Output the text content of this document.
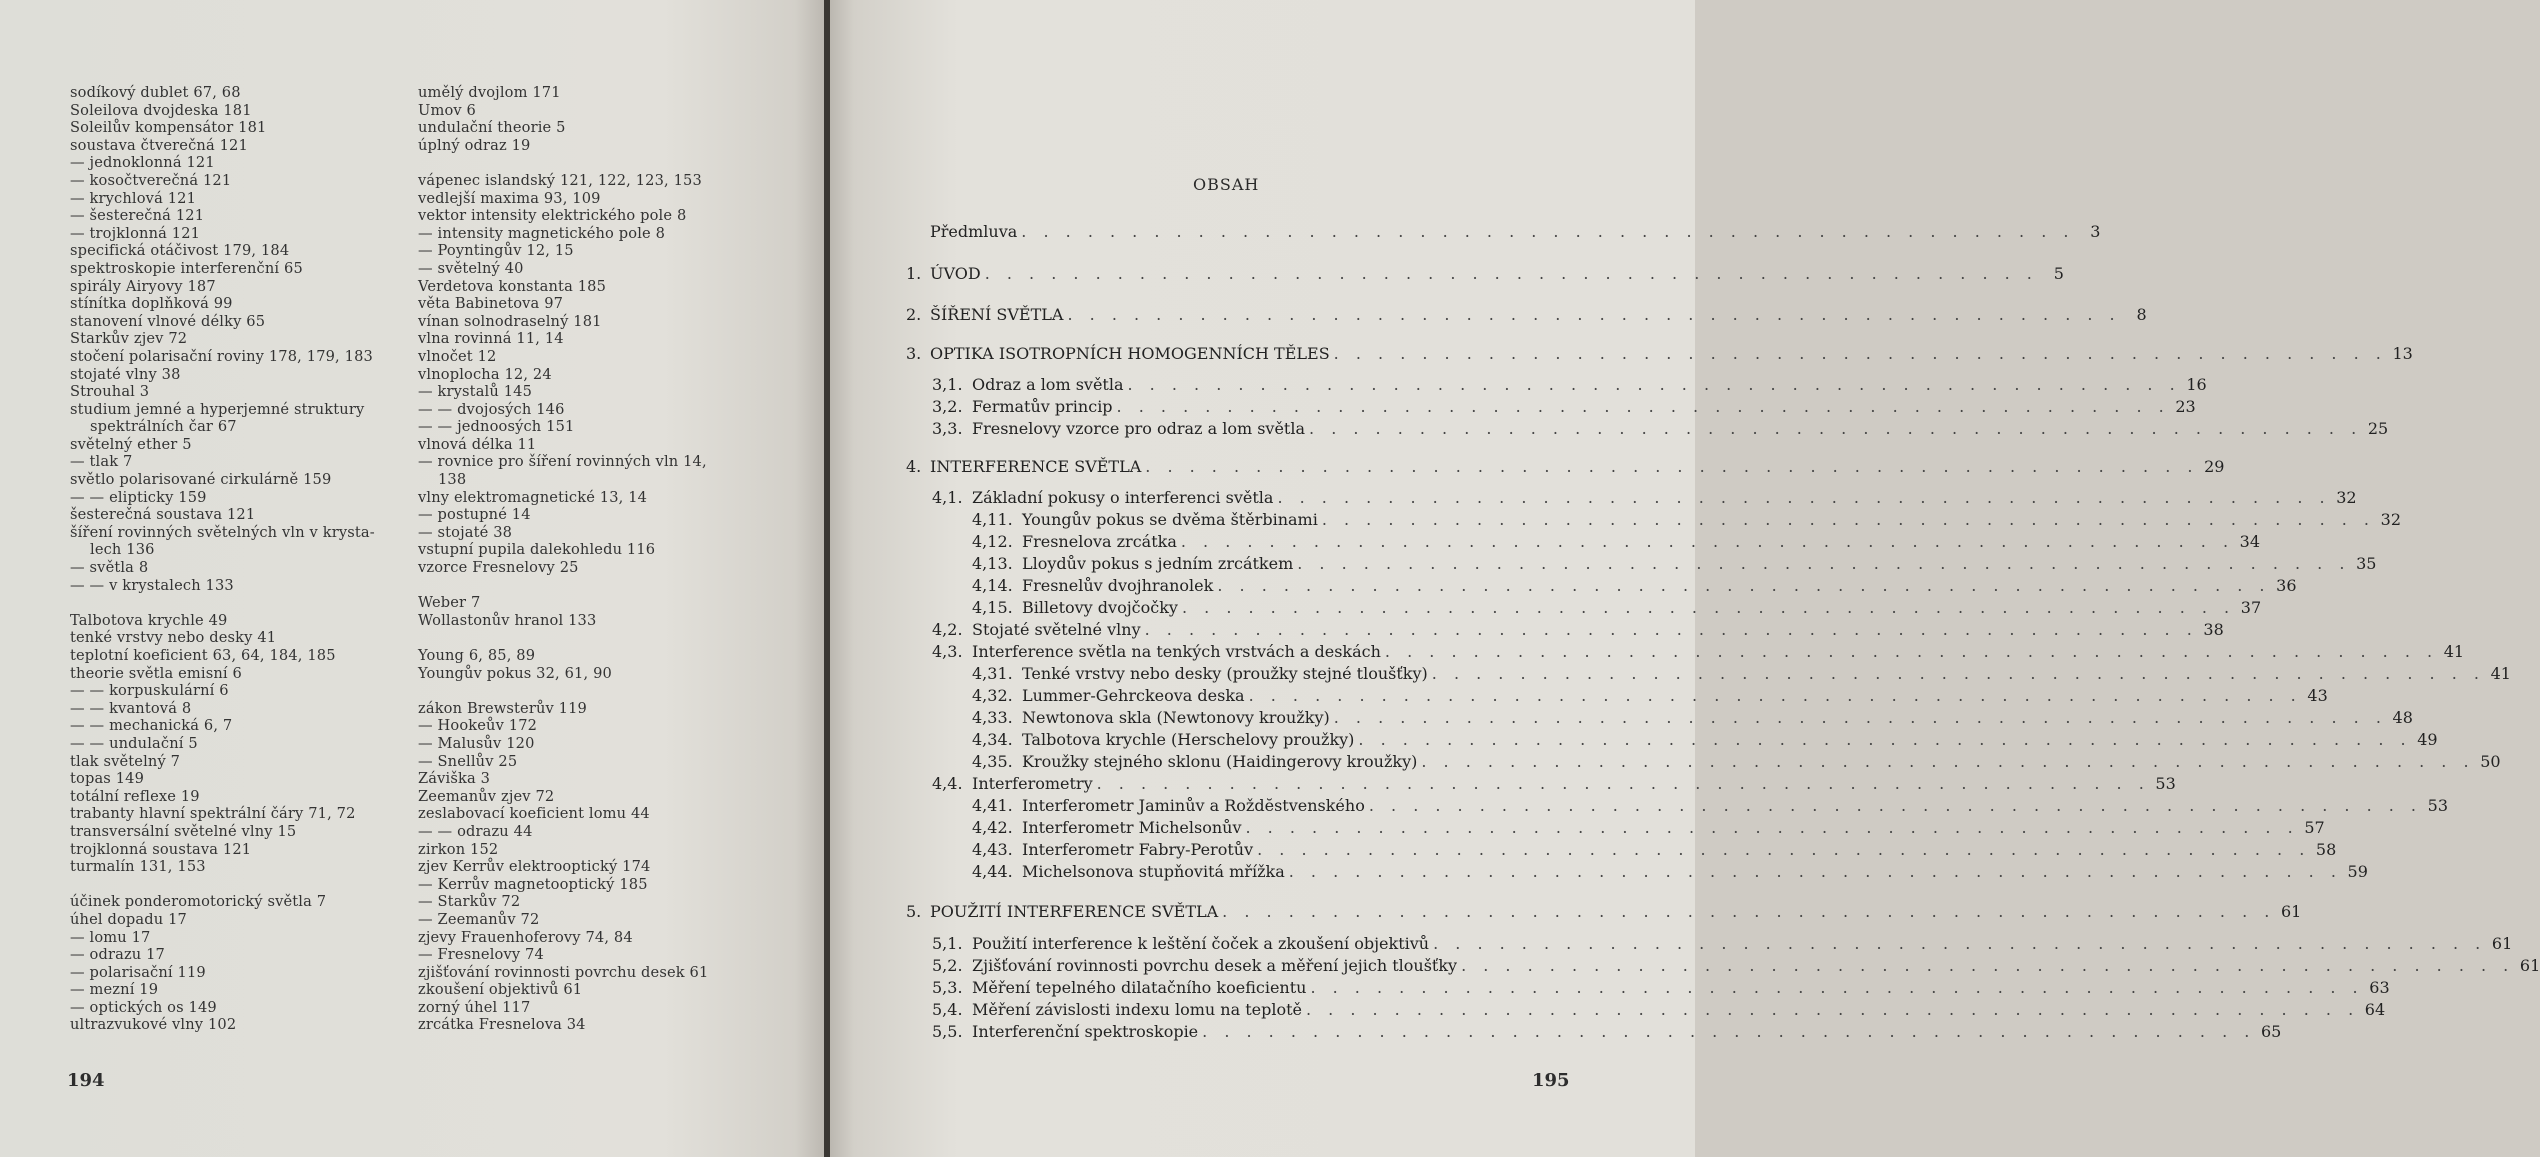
sodíkový dublet 67, 68
Soleilova dvojdeska 181
Soleilův kompensátor 181
soustava čtverečná 121
— jednoklonná 121
— kosočtverečná 121
— krychlová 121
— šesterečná 121
— trojklonná 121
specifická otáčivost 179, 184
spektroskopie interferenční 65
spirály Airyovy 187
stínítka doplňková 99
stanovení vlnové délky 65
Starkův zjev 72
stočení polarisační roviny 178, 179, 183
stojaté vlny 38
Strouhal 3
studium jemné a hyperjemné struktury
spektrálních čar 67
světelný ether 5
— tlak 7
světlo polarisované cirkulárně 159
— — elipticky 159
šesterečná soustava 121
šíření rovinných světelných vln v krysta-
lech 136
— světla 8
— — v krystalech 133
Talbotova krychle 49
tenké vrstvy nebo desky 41
teplotní koeficient 63, 64, 184, 185
theorie světla emisní 6
— — korpuskulární 6
— — kvantová 8
— — mechanická 6, 7
— — undulační 5
tlak světelný 7
topas 149
totální reflexe 19
trabanty hlavní spektrální čáry 71, 72
transversální světelné vlny 15
trojklonná soustava 121
turmalín 131, 153
účinek ponderomotorický světla 7
úhel dopadu 17
— lomu 17
— odrazu 17
— polarisační 119
— mezní 19
— optických os 149
ultrazvukové vlny 102
umělý dvojlom 171
Umov 6
undulační theorie 5
úplný odraz 19
vápenec islandský 121, 122, 123, 153
vedlejší maxima 93, 109
vektor intensity elektrického pole 8
— intensity magnetického pole 8
— Poyntingův 12, 15
— světelný 40
Verdetova konstanta 185
věta Babinetova 97
vínan solnodraselný 181
vlna rovinná 11, 14
vlnočet 12
vlnoplocha 12, 24
— krystalů 145
— — dvojosých 146
— — jednoosých 151
vlnová délka 11
— rovnice pro šíření rovinných vln 14,
138
vlny elektromagnetické 13, 14
— postupné 14
— stojaté 38
vstupní pupila dalekohledu 116
vzorce Fresnelovy 25
Weber 7
Wollastonův hranol 133
Young 6, 85, 89
Youngův pokus 32, 61, 90
zákon Brewsterův 119
— Hookeův 172
— Malusův 120
— Snellův 25
Záviška 3
Zeemanův zjev 72
zeslabovací koeficient lomu 44
— — odrazu 44
zirkon 152
zjev Kerrův elektrooptický 174
— Kerrův magnetooptický 185
— Starkův 72
— Zeemanův 72
zjevy Frauenhoferovy 74, 84
— Fresnelovy 74
zjišťování rovinnosti povrchu desek 61
zkoušení objektivů 61
zorný úhel 117
zrcátka Fresnelova 34
194
OBSAH
Předmluva . . . . . . . . . . . . . . . . . . . . . . . . . . . . . . . . . . . . . . . . . . . . . . . . 3
1. ÚVOD . . . . . . . . . . . . . . . . . . . . . . . . . . . . . . . . . . . . . . . . . . . . . . . . 5
2. ŠÍŘENÍ SVĚTLA . . . . . . . . . . . . . . . . . . . . . . . . . . . . . . . . . . . . . . . . . . . . . . . . 8
3. OPTIKA ISOTROPNÍCH HOMOGENNÍCH TĚLES . . . . . . . . . . . . . . . . . . . . . . . . . . . . . . . . . . . . . . . . . . . . . . . . 13
3,1. Odraz a lom světla . . . . . . . . . . . . . . . . . . . . . . . . . . . . . . . . . . . . . . . . . . . . . . . . 16
3,2. Fermatův princip . . . . . . . . . . . . . . . . . . . . . . . . . . . . . . . . . . . . . . . . . . . . . . . . 23
3,3. Fresnelovy vzorce pro odraz a lom světla . . . . . . . . . . . . . . . . . . . . . . . . . . . . . . . . . . . . . . . . . . . . . . . . 25
4. INTERFERENCE SVĚTLA . . . . . . . . . . . . . . . . . . . . . . . . . . . . . . . . . . . . . . . . . . . . . . . . 29
4,1. Základní pokusy o interferenci světla . . . . . . . . . . . . . . . . . . . . . . . . . . . . . . . . . . . . . . . . . . . . . . . . 32
4,11. Youngův pokus se dvěma štěrbinami . . . . . . . . . . . . . . . . . . . . . . . . . . . . . . . . . . . . . . . . . . . . . . . . 32
4,12. Fresnelova zrcátka . . . . . . . . . . . . . . . . . . . . . . . . . . . . . . . . . . . . . . . . . . . . . . . . 34
4,13. Lloydův pokus s jedním zrcátkem . . . . . . . . . . . . . . . . . . . . . . . . . . . . . . . . . . . . . . . . . . . . . . . . 35
4,14. Fresnelův dvojhranolek . . . . . . . . . . . . . . . . . . . . . . . . . . . . . . . . . . . . . . . . . . . . . . . . 36
4,15. Billetovy dvojčočky . . . . . . . . . . . . . . . . . . . . . . . . . . . . . . . . . . . . . . . . . . . . . . . . 37
4,2. Stojaté světelné vlny . . . . . . . . . . . . . . . . . . . . . . . . . . . . . . . . . . . . . . . . . . . . . . . . 38
4,3. Interference světla na tenkých vrstvách a deskách . . . . . . . . . . . . . . . . . . . . . . . . . . . . . . . . . . . . . . . . . . . . . . . . 41
4,31. Tenké vrstvy nebo desky (proužky stejné tloušťky) . . . . . . . . . . . . . . . . . . . . . . . . . . . . . . . . . . . . . . . . . . . . . . . . 41
4,32. Lummer-Gehrckeova deska . . . . . . . . . . . . . . . . . . . . . . . . . . . . . . . . . . . . . . . . . . . . . . . . 43
4,33. Newtonova skla (Newtonovy kroužky) . . . . . . . . . . . . . . . . . . . . . . . . . . . . . . . . . . . . . . . . . . . . . . . . 48
4,34. Talbotova krychle (Herschelovy proužky) . . . . . . . . . . . . . . . . . . . . . . . . . . . . . . . . . . . . . . . . . . . . . . . . 49
4,35. Kroužky stejného sklonu (Haidingerovy kroužky) . . . . . . . . . . . . . . . . . . . . . . . . . . . . . . . . . . . . . . . . . . . . . . . . 50
4,4. Interferometry . . . . . . . . . . . . . . . . . . . . . . . . . . . . . . . . . . . . . . . . . . . . . . . . 53
4,41. Interferometr Jaminův a Roždĕstvenského . . . . . . . . . . . . . . . . . . . . . . . . . . . . . . . . . . . . . . . . . . . . . . . . 53
4,42. Interferometr Michelsonův . . . . . . . . . . . . . . . . . . . . . . . . . . . . . . . . . . . . . . . . . . . . . . . . 57
4,43. Interferometr Fabry-Perotův . . . . . . . . . . . . . . . . . . . . . . . . . . . . . . . . . . . . . . . . . . . . . . . . 58
4,44. Michelsonova stupňovitá mřížka . . . . . . . . . . . . . . . . . . . . . . . . . . . . . . . . . . . . . . . . . . . . . . . . 59
5. POUŽITÍ INTERFERENCE SVĚTLA . . . . . . . . . . . . . . . . . . . . . . . . . . . . . . . . . . . . . . . . . . . . . . . . 61
5,1. Použití interference k leštění čoček a zkoušení objektivů . . . . . . . . . . . . . . . . . . . . . . . . . . . . . . . . . . . . . . . . . . . . . . . . 61
5,2. Zjišťování rovinnosti povrchu desek a měření jejich tloušťky . . . . . . . . . . . . . . . . . . . . . . . . . . . . . . . . . . . . . . . . . . . . . . . . 61
5,3. Měření tepelného dilatačního koeficientu . . . . . . . . . . . . . . . . . . . . . . . . . . . . . . . . . . . . . . . . . . . . . . . . 63
5,4. Měření závislosti indexu lomu na teplotě . . . . . . . . . . . . . . . . . . . . . . . . . . . . . . . . . . . . . . . . . . . . . . . . 64
5,5. Interferenční spektroskopie . . . . . . . . . . . . . . . . . . . . . . . . . . . . . . . . . . . . . . . . . . . . . . . . 65
195
